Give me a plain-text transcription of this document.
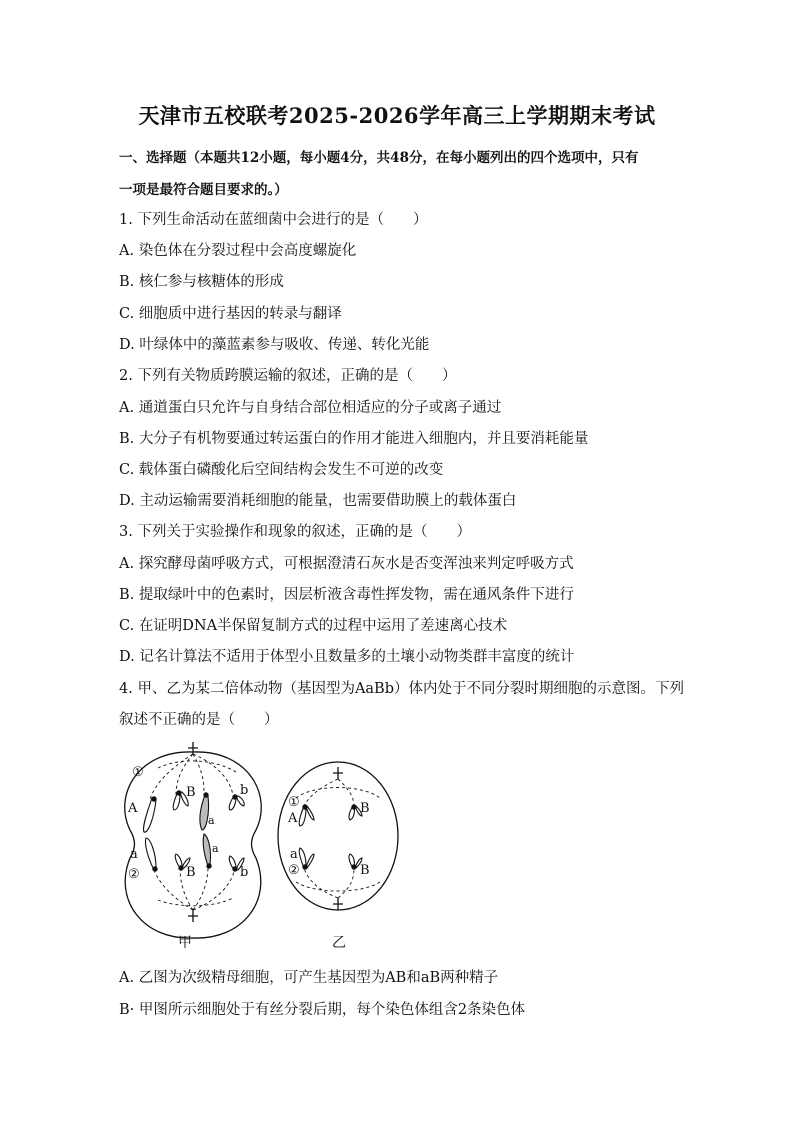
天津市五校联考2025-2026学年高三上学期期末考试
一、选择题（本题共12小题，每小题4分，共48分，在每小题列出的四个选项中，只有
一项是最符合题目要求的。）
1. 下列生命活动在蓝细菌中会进行的是（　　）
A. 染色体在分裂过程中会高度螺旋化
B. 核仁参与核糖体的形成
C. 细胞质中进行基因的转录与翻译
D. 叶绿体中的藻蓝素参与吸收、传递、转化光能
2. 下列有关物质跨膜运输的叙述，正确的是（　　）
A. 通道蛋白只允许与自身结合部位相适应的分子或离子通过
B. 大分子有机物要通过转运蛋白的作用才能进入细胞内，并且要消耗能量
C. 载体蛋白磷酸化后空间结构会发生不可逆的改变
D. 主动运输需要消耗细胞的能量，也需要借助膜上的载体蛋白
3. 下列关于实验操作和现象的叙述，正确的是（　　）
A. 探究酵母菌呼吸方式，可根据澄清石灰水是否变浑浊来判定呼吸方式
B. 提取绿叶中的色素时，因层析液含毒性挥发物，需在通风条件下进行
C. 在证明DNA半保留复制方式的过程中运用了差速离心技术
D. 记名计算法不适用于体型小且数量多的土壤小动物类群丰富度的统计
4. 甲、乙为某二倍体动物（基因型为AaBb）体内处于不同分裂时期细胞的示意图。下列
叙述不正确的是（　　）
①
A
B
a
b
a
②	B
a
b
①
A
B
a
②	B
甲	乙
A. 乙图为次级精母细胞，可产生基因型为AB和aB两种精子
B· 甲图所示细胞处于有丝分裂后期，每个染色体组含2条染色体
